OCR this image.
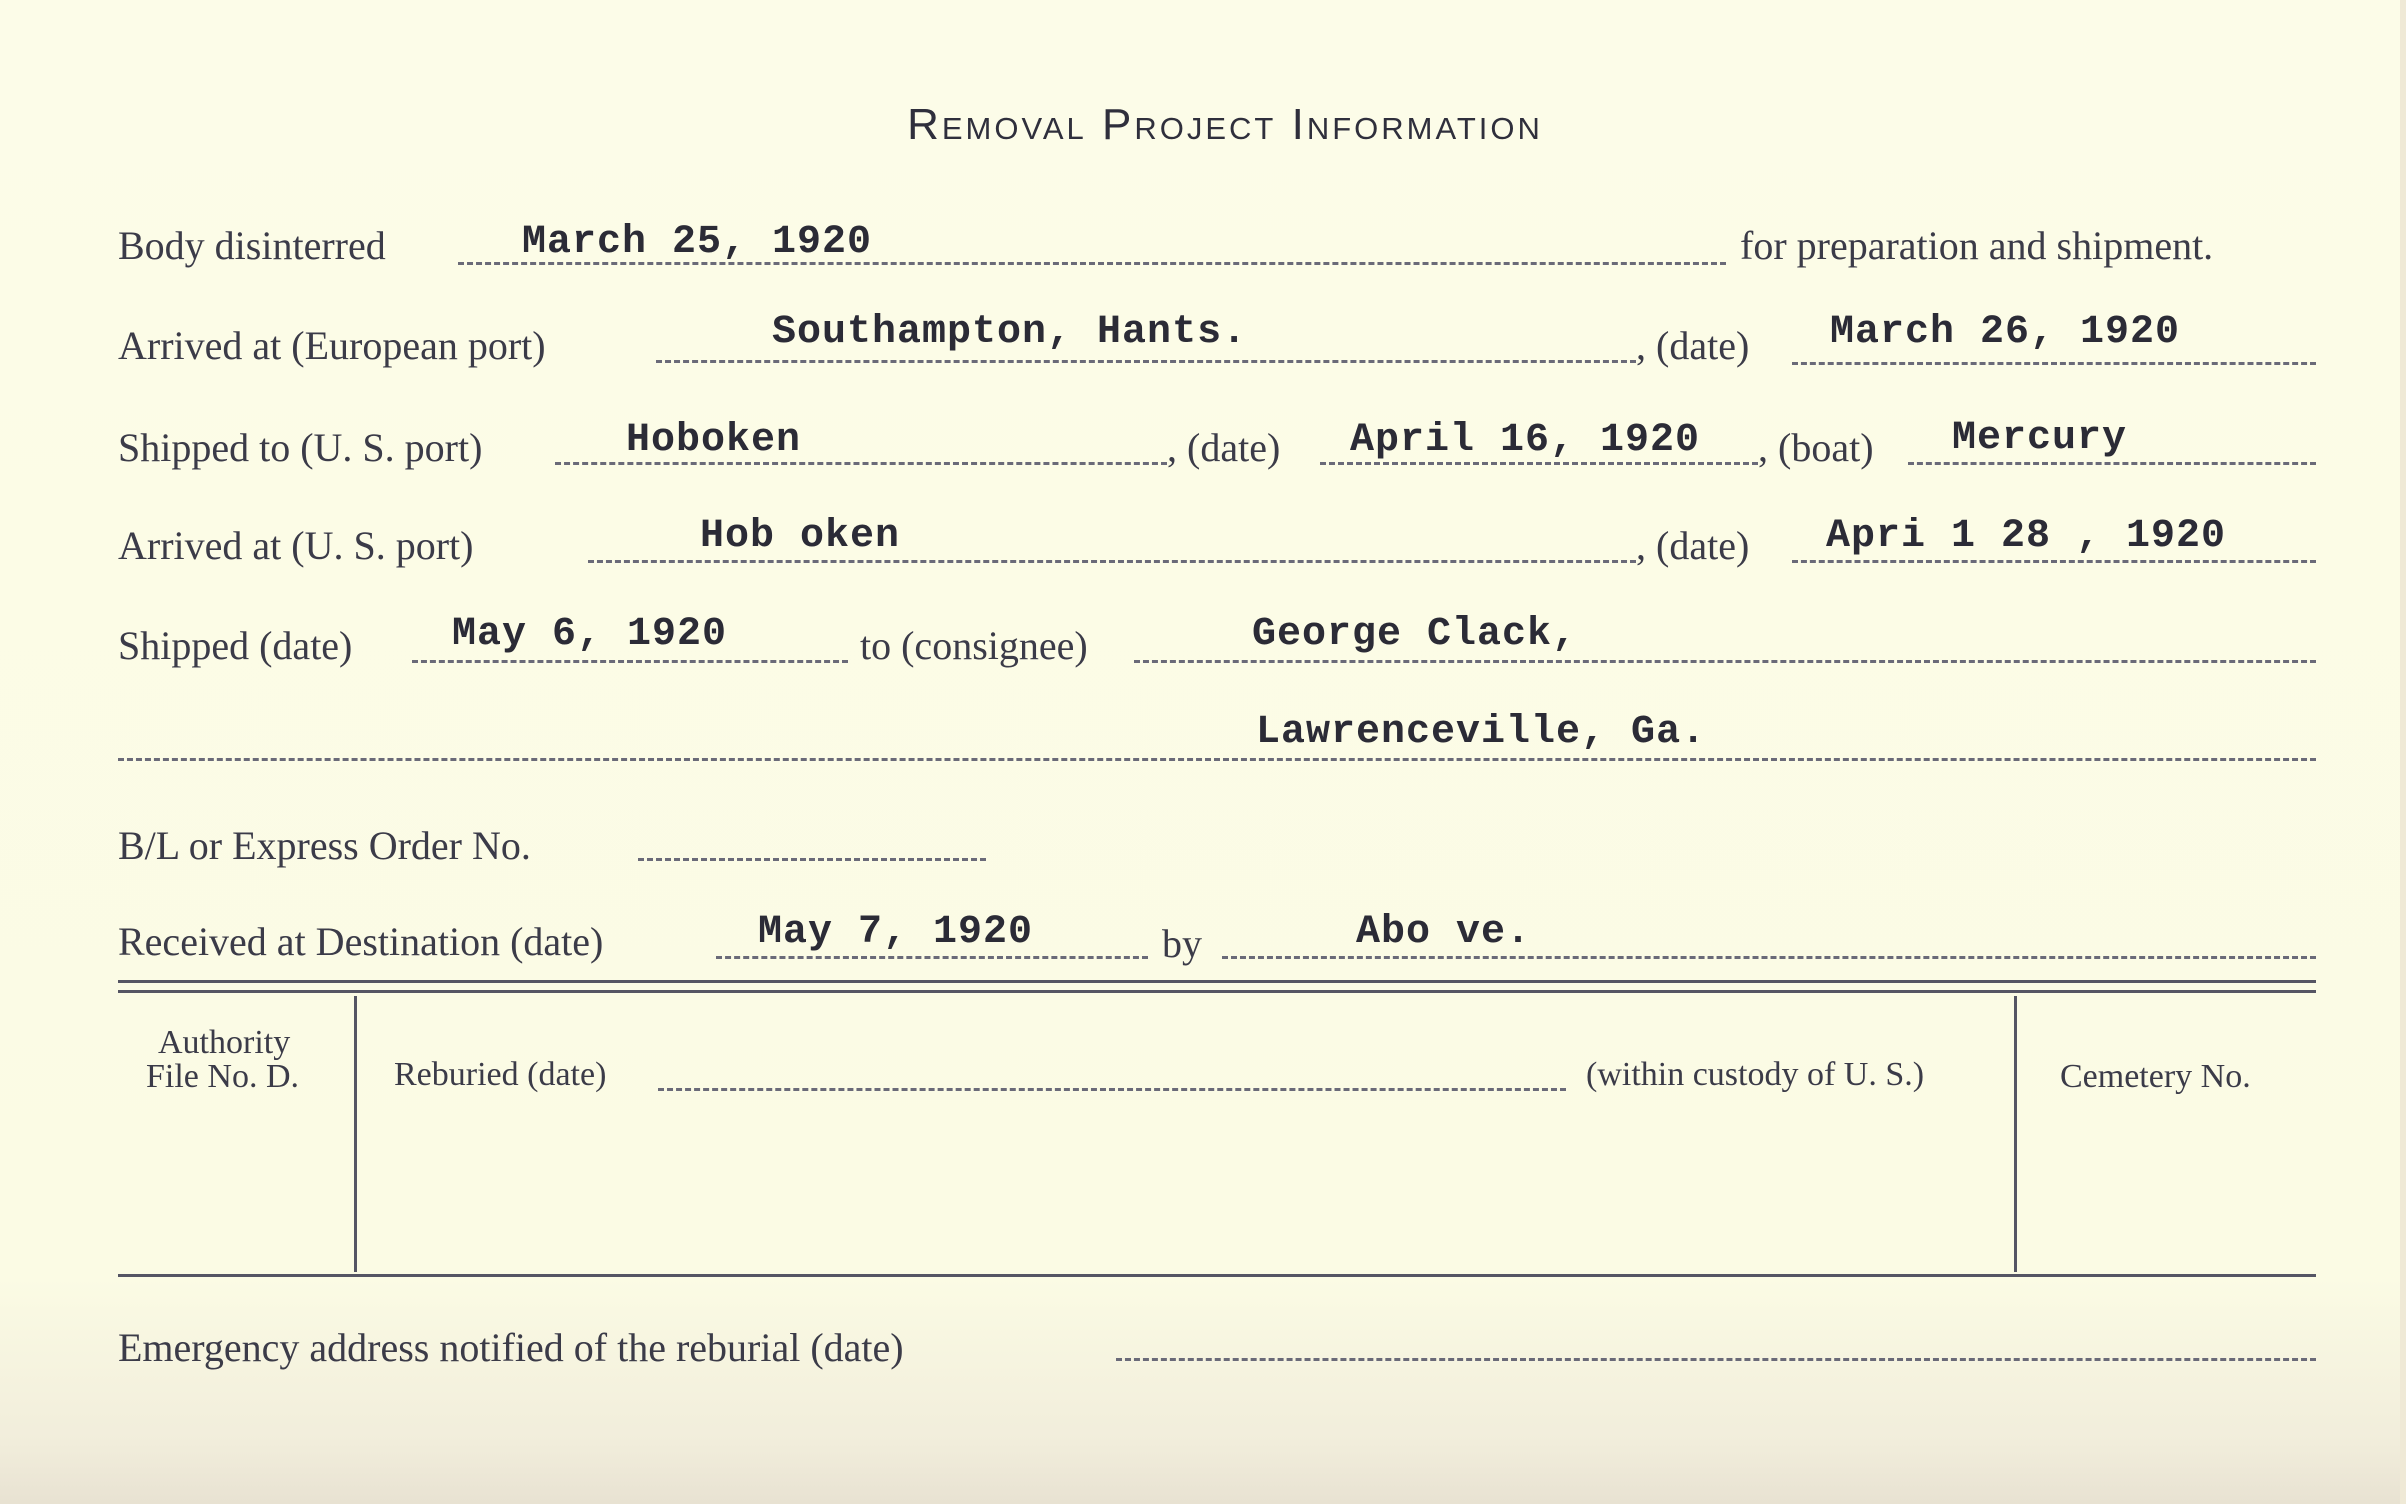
Removal Project Information
Body disinterred	March 25, 1920	for preparation and shipment.
Arrived at (European port)	Southampton, Hants.	, (date) March 26, 1920
Shipped to (U. S. port)	Hoboken	, (date) April 16, 1920 , (boat) Mercury
Arrived at (U. S. port)	Hob oken	, (date) Apri 1 28 , 1920
Shipped (date) May 6, 1920	to (consignee)	George Clack,
Lawrenceville, Ga.
B/L or Express Order No.
Received at Destination (date)	May 7, 1920	by	Abo ve.
Authority
File No. D.	Reburied (date)	(within custody of U. S.)	Cemetery No.
Emergency address notified of the reburial (date)
